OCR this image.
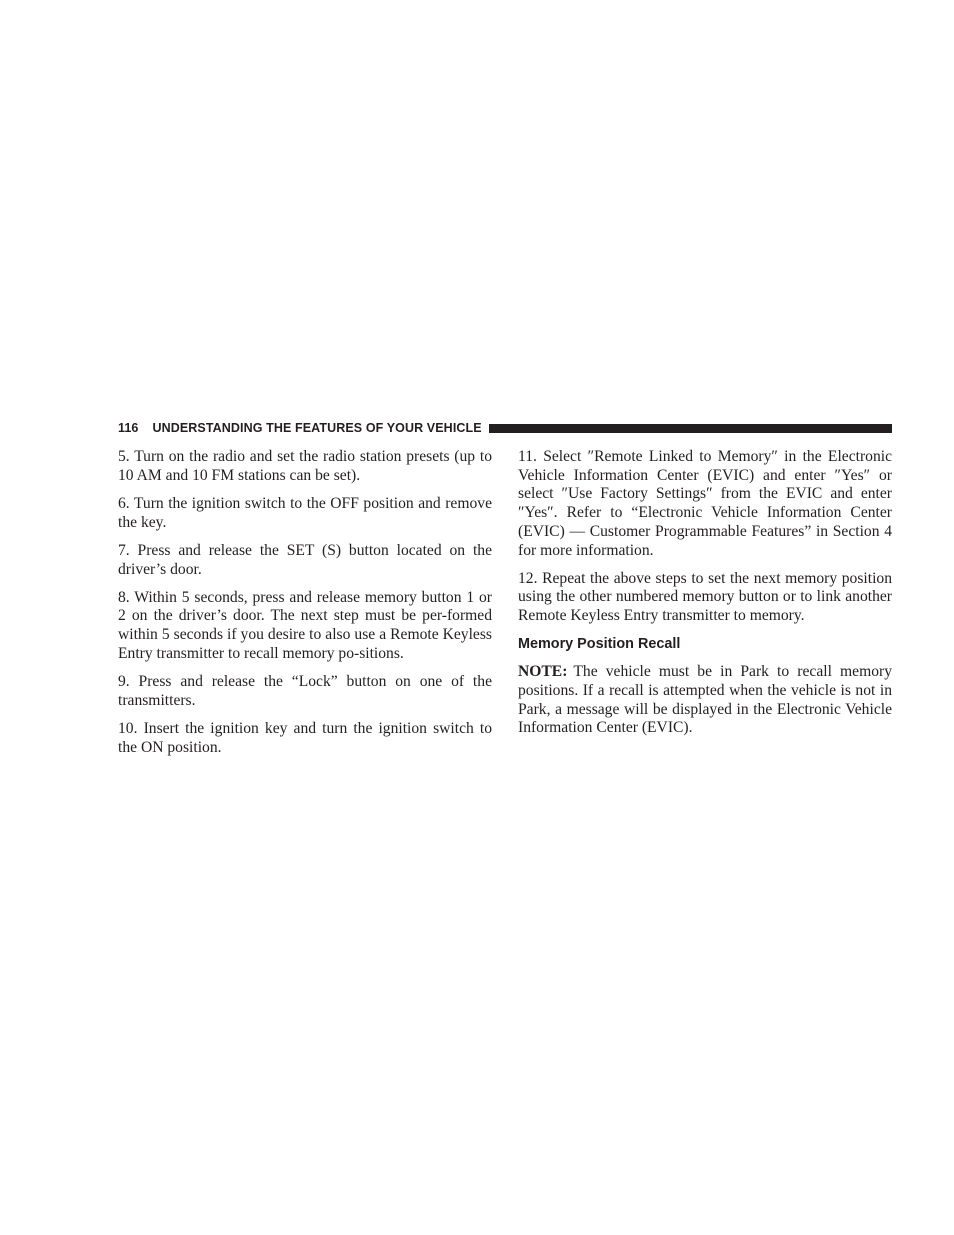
116 UNDERSTANDING THE FEATURES OF YOUR VEHICLE

5. Turn on the radio and set the radio station presets (up to 10 AM and 10 FM stations can be set).

6. Turn the ignition switch to the OFF position and remove the key.

7. Press and release the SET (S) button located on the driver’s door.

8. Within 5 seconds, press and release memory button 1 or 2 on the driver’s door. The next step must be per-formed within 5 seconds if you desire to also use a Remote Keyless Entry transmitter to recall memory po-sitions.

9. Press and release the “Lock” button on one of the transmitters.

10. Insert the ignition key and turn the ignition switch to the ON position.

11. Select ″Remote Linked to Memory″ in the Electronic Vehicle Information Center (EVIC) and enter ″Yes″ or select ″Use Factory Settings″ from the EVIC and enter ″Yes″. Refer to “Electronic Vehicle Information Center (EVIC) — Customer Programmable Features” in Section 4 for more information.

12. Repeat the above steps to set the next memory position using the other numbered memory button or to link another Remote Keyless Entry transmitter to memory.

Memory Position Recall

NOTE: The vehicle must be in Park to recall memory positions. If a recall is attempted when the vehicle is not in Park, a message will be displayed in the Electronic Vehicle Information Center (EVIC).
